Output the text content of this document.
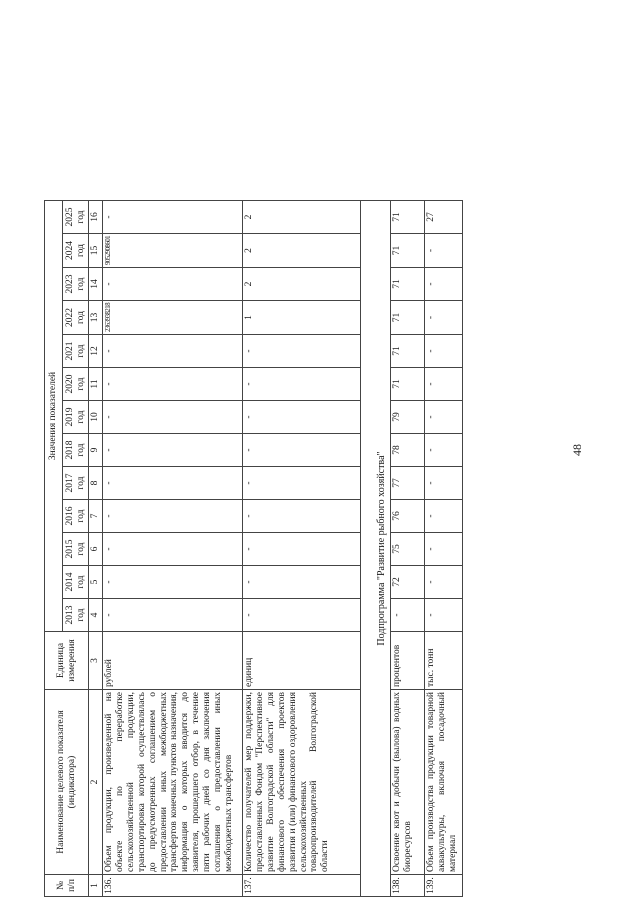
48
№ п/п	Наименование целевого показателя (индикатора)	Единица измерения	Значения показателей												
			2013 год	2014 год	2015 год	2016 год	2017 год	2018 год	2019 год	2020 год	2021 год	2022 год	2023 год	2024 год	2025 год
1	2	3	4	5	6	7	8	9	10	11	12	13	14	15	16
136.	Объем продукции, произведенной на объекте по переработке сельскохозяйственной продукции, транспортировка которой осуществлялась до предусмотренных соглашением о предоставлении иных межбюджетных трансфертов конечных пунктов назначения, информация о которых вводится до заявителя, прошедшего отбор, в течение пяти рабочих дней со дня заключения соглашения о предоставлении иных межбюджетных трансфертов	рублей	-	-	-	-	-	-	-	-	-	2363938218	-	9052908601	-
137.	Количество получателей мер поддержки, предоставленных Фондом "Перспективное развитие Волгоградской области" для финансового обеспечения проектов развития и (или) финансового оздоровления сельскохозяйственных товаропроизводителей Волгоградской области	единиц	-	-	-	-	-	-	-	-	-	1	2	2	2
Подпрограмма "Развитие рыбного хозяйства"															
138.	Освоение квот и добычи (вылова) водных биоресурсов	процентов	-	72	75	76	77	78	79	71	71	71	71	71	71
139.	Объем производства продукции товарной аквакультуры, включая посадочный материал	тыс. тонн	-	-	-	-	-	-	-	-	-	-	-	-	27
